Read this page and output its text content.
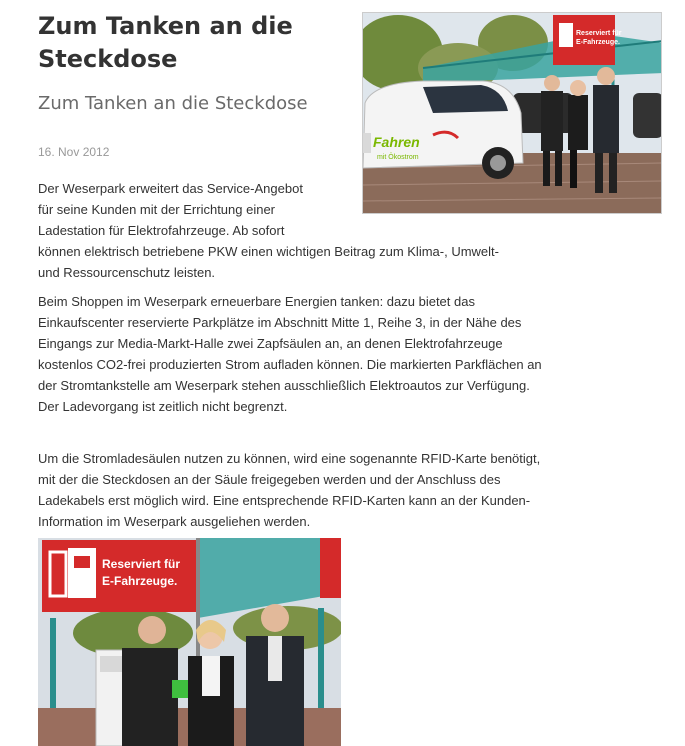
Zum Tanken an die Steckdose
Reserviert für
E-Fahrzeuge.
Fahren
mit Ökostrom
Zum Tanken an die Steckdose
16. Nov 2012

Der Weserpark erweitert das Service-Angebot
für seine Kunden mit der Errichtung einer
Ladestation für Elektrofahrzeuge. Ab sofort
können elektrisch betriebene PKW einen wichtigen Beitrag zum Klima-, Umwelt-
und Ressourcenschutz leisten.

Beim Shoppen im Weserpark erneuerbare Energien tanken: dazu bietet das Einkaufscenter reservierte Parkplätze im Abschnitt Mitte 1, Reihe 3, in der Nähe des Eingangs zur Media-Markt-Halle zwei Zapfsäulen an, an denen Elektrofahrzeuge kostenlos CO2-frei produzierten Strom aufladen können. Die markierten Parkflächen an der Stromtankstelle am Weserpark stehen ausschließlich Elektroautos zur Verfügung. Der Ladevorgang ist zeitlich nicht begrenzt.

Um die Stromladesäulen nutzen zu können, wird eine sogenannte RFID-Karte benötigt, mit der die Steckdosen an der Säule freigegeben werden und der Anschluss des Ladekabels erst möglich wird. Eine entsprechende RFID-Karten kann an der Kunden-Information im Weserpark ausgeliehen werden.

Reserviert für
E-Fahrzeuge.
